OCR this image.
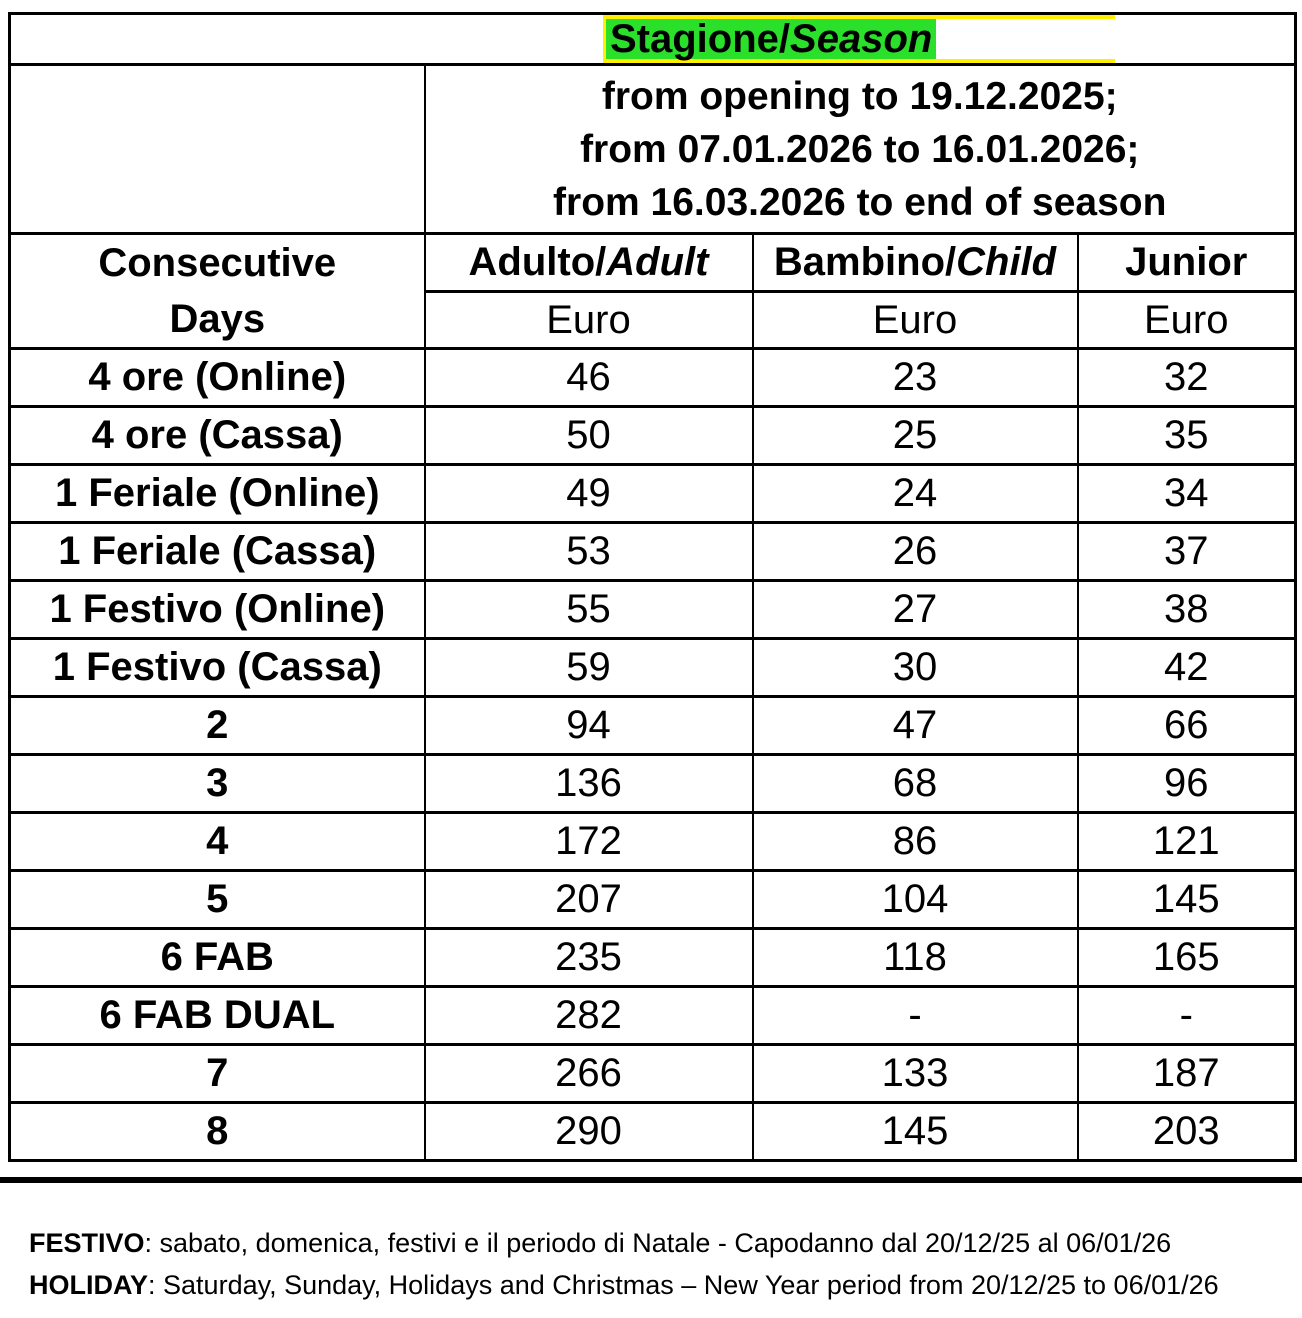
Stagione/ Season			

	from opening to 19.12.2025;
from 07.01.2026 to 16.01.2026;
from 16.03.2026 to end of season		

Consecutive
Days	Adulto/Adult	Bambino/Child	Junior
	Euro	Euro	Euro
4 ore (Online)	46	23	32
4 ore (Cassa)	50	25	35
1 Feriale (Online)	49	24	34
1 Feriale (Cassa)	53	26	37
1 Festivo (Online)	55	27	38
1 Festivo (Cassa)	59	30	42
2	94	47	66
3	136	68	96
4	172	86	121
5	207	104	145
6 FAB	235	118	165
6 FAB DUAL	282	-	-
7	266	133	187
8	290	145	203

FESTIVO: sabato, domenica, festivi e il periodo di Natale - Capodanno dal 20/12/25 al 06/01/26

HOLIDAY: Saturday, Sunday, Holidays and Christmas – New Year period from 20/12/25 to 06/01/26
